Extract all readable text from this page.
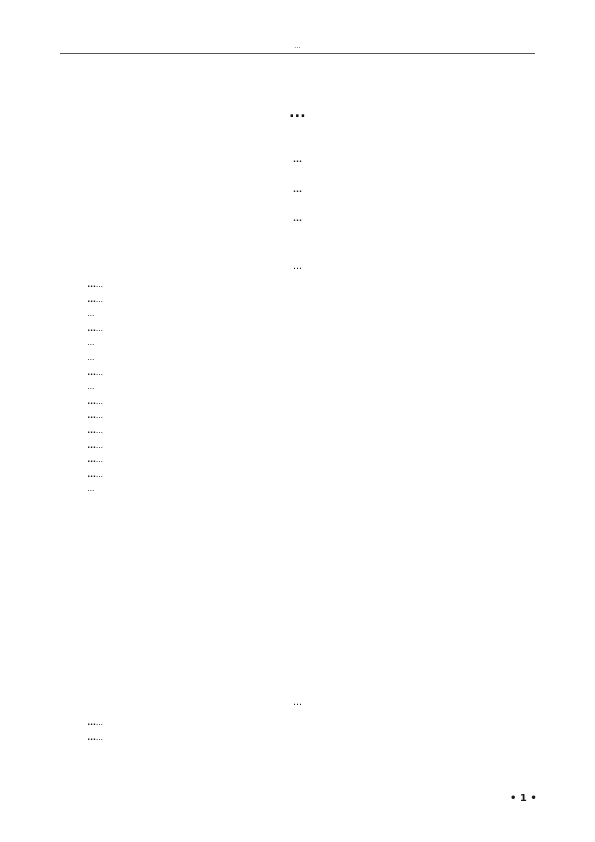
...
...
...
...
...
...

......

......

...

......

...

...

......

...

......

......

......

......

......

......

...

...

......

......

• 1 •
